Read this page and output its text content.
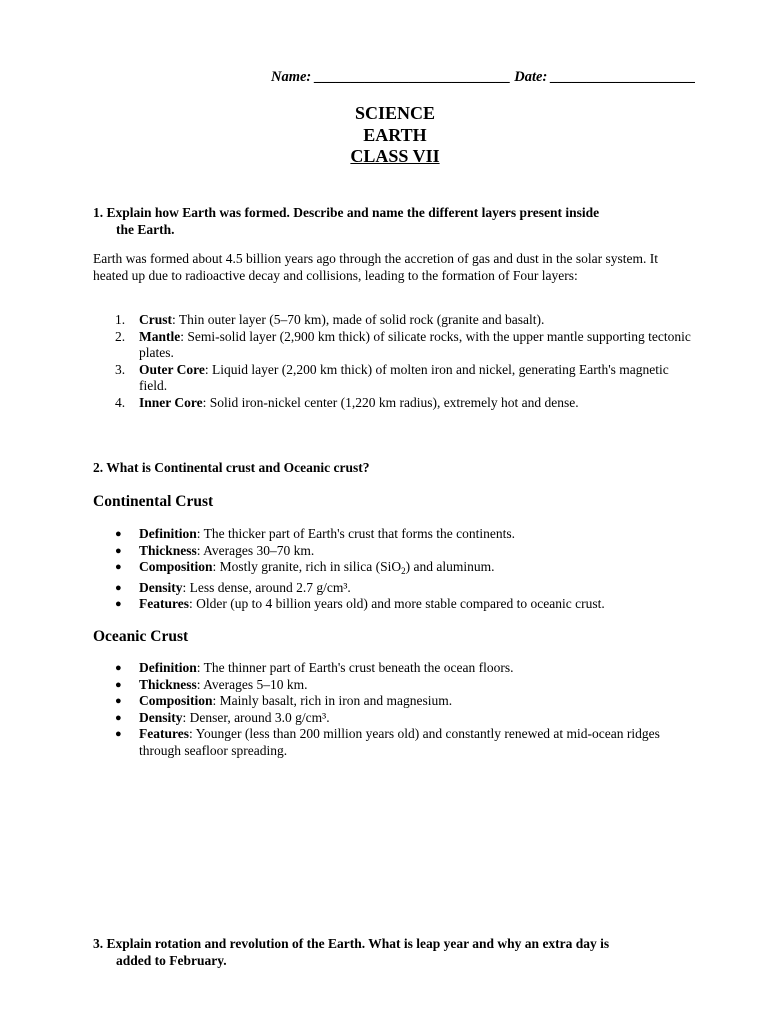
Name: ___________________________ Date: ____________________
SCIENCE
EARTH
CLASS VII
1. Explain how Earth was formed. Describe and name the different layers present inside
the Earth.
Earth was formed about 4.5 billion years ago through the accretion of gas and dust in the solar system. It heated up due to radioactive decay and collisions, leading to the formation of Four layers:
1. Crust: Thin outer layer (5–70 km), made of solid rock (granite and basalt).
2. Mantle: Semi-solid layer (2,900 km thick) of silicate rocks, with the upper mantle supporting tectonic plates.
3. Outer Core: Liquid layer (2,200 km thick) of molten iron and nickel, generating Earth's magnetic field.
4. Inner Core: Solid iron-nickel center (1,220 km radius), extremely hot and dense.
2. What is Continental crust and Oceanic crust?
Continental Crust
● Definition: The thicker part of Earth's crust that forms the continents.
● Thickness: Averages 30–70 km.
● Composition: Mostly granite, rich in silica (SiO$_2$) and aluminum.
● Density: Less dense, around 2.7 g/cm³.
● Features: Older (up to 4 billion years old) and more stable compared to oceanic crust.
Oceanic Crust
● Definition: The thinner part of Earth's crust beneath the ocean floors.
● Thickness: Averages 5–10 km.
● Composition: Mainly basalt, rich in iron and magnesium.
● Density: Denser, around 3.0 g/cm³.
● Features: Younger (less than 200 million years old) and constantly renewed at mid-ocean ridges through seafloor spreading.
3. Explain rotation and revolution of the Earth. What is leap year and why an extra day is
added to February.
